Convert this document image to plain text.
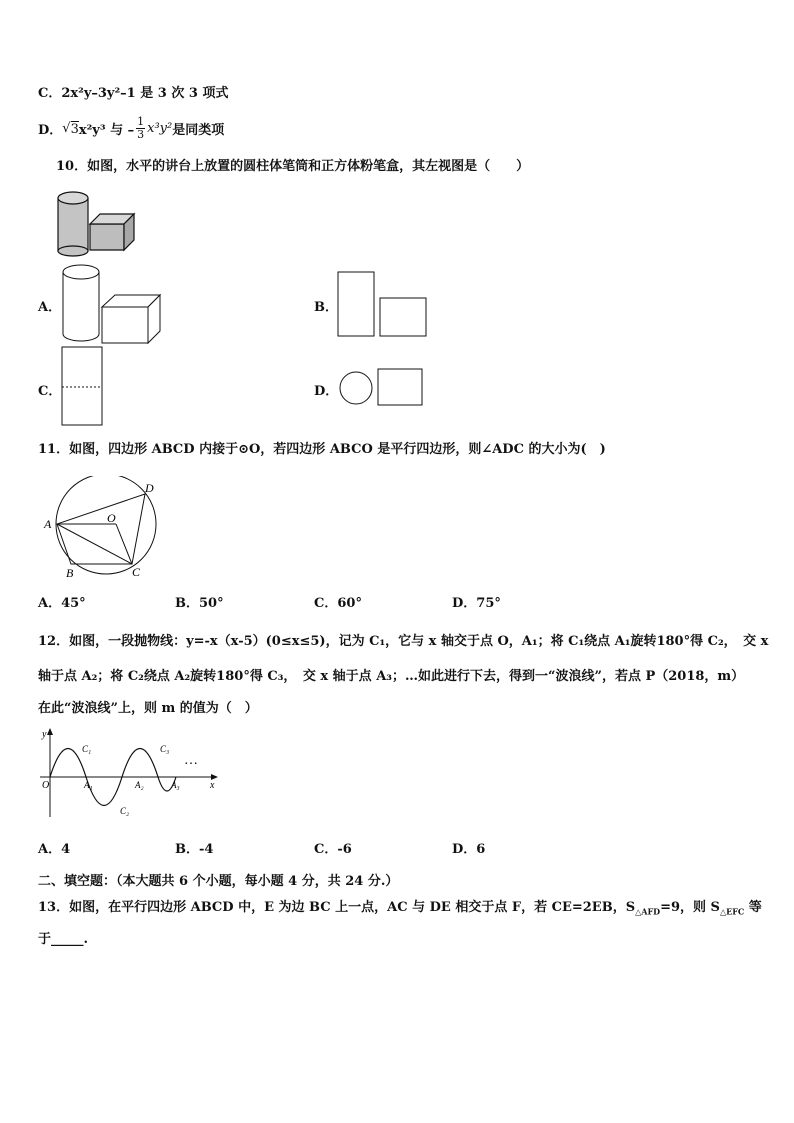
C．2x²y–3y²–1 是 3 次 3 项式
D． √ 3 x²y³ 与 – $\frac{1}{3} x^3y^2$ 是同类项
10．如图，水平的讲台上放置的圆柱体笔筒和正方体粉笔盒，其左视图是（　　）
A．	B．
C．	D．
11．如图，四边形 ABCD 内接于⊙O，若四边形 ABCO 是平行四边形，则∠ADC 的大小为(　)
A
B	C
D
O
A．45°	B．50°	C．60°	D．75°
12．如图，一段抛物线：y=-x（x-5）(0≤x≤5)，记为 C₁，它与 x 轴交于点 O，A₁；将 C₁绕点 A₁旋转180°得 C₂，　交 x
轴于点 A₂；将 C₂绕点 A₂旋转180°得 C₃，　交 x 轴于点 A₃；…如此进行下去，得到一“波浪线”，若点 P（2018，m）
在此“波浪线”上，则 m 的值为（　）
y
x
O	A₁	A₂	A₃
C₁
C₂
C₃
…
A．4	B．-4	C．-6	D．6
二、填空题：（本大题共 6 个小题，每小题 4 分，共 24 分.）
13．如图，在平行四边形 ABCD 中，E 为边 BC 上一点，AC 与 DE 相交于点 F，若 CE=2EB，$S_{\triangle AFD}=9$，则 $S_{\triangle EFC}$ 等
于_____.
